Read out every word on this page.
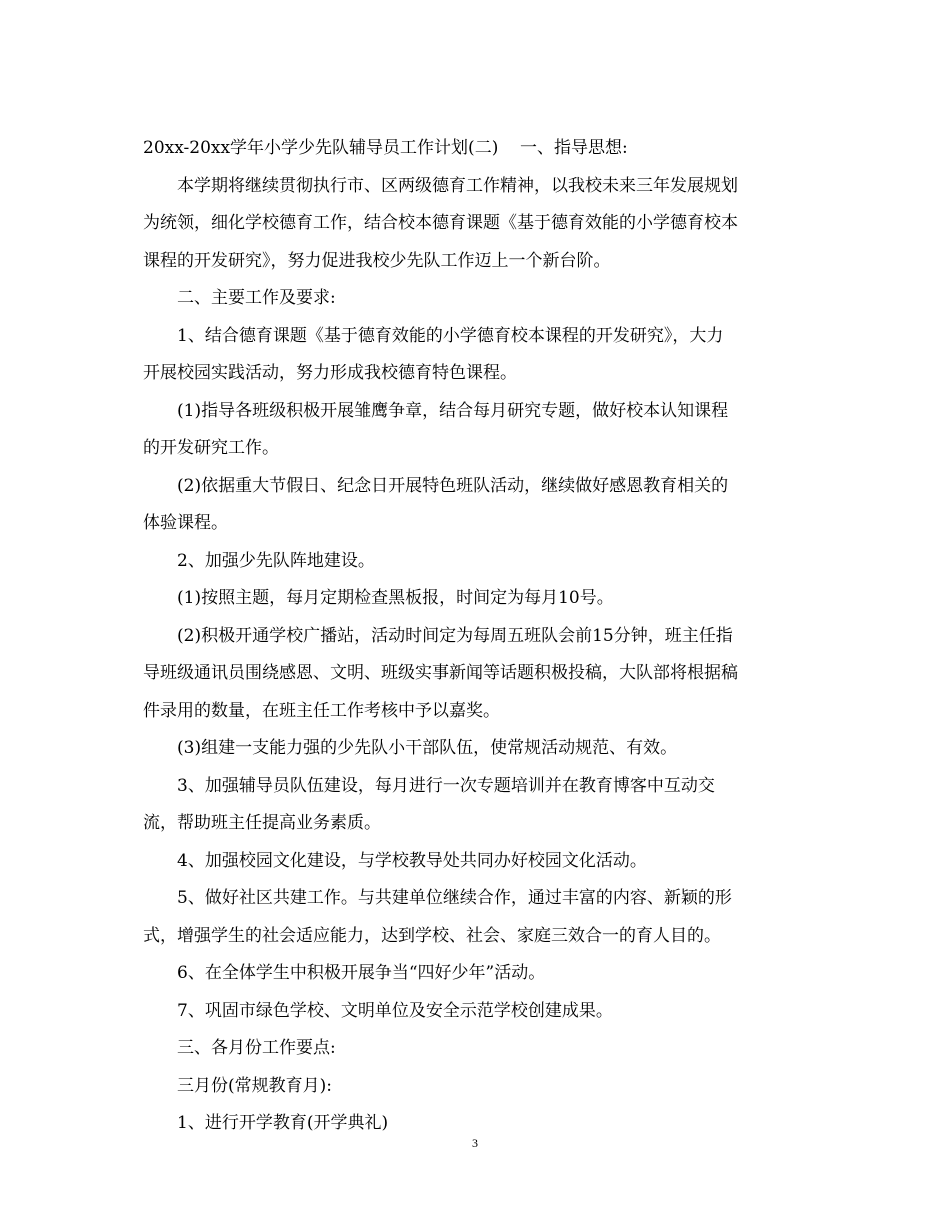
20xx-20xx学年小学少先队辅导员工作计划(二)    一、指导思想:
本学期将继续贯彻执行市、区两级德育工作精神，以我校未来三年发展规划
为统领，细化学校德育工作，结合校本德育课题《基于德育效能的小学德育校本
课程的开发研究》，努力促进我校少先队工作迈上一个新台阶。
二、主要工作及要求:
1、结合德育课题《基于德育效能的小学德育校本课程的开发研究》，大力
开展校园实践活动，努力形成我校德育特色课程。
(1)指导各班级积极开展雏鹰争章，结合每月研究专题，做好校本认知课程
的开发研究工作。
(2)依据重大节假日、纪念日开展特色班队活动，继续做好感恩教育相关的
体验课程。
2、加强少先队阵地建设。
(1)按照主题，每月定期检查黑板报，时间定为每月10号。
(2)积极开通学校广播站，活动时间定为每周五班队会前15分钟，班主任指
导班级通讯员围绕感恩、文明、班级实事新闻等话题积极投稿，大队部将根据稿
件录用的数量，在班主任工作考核中予以嘉奖。
(3)组建一支能力强的少先队小干部队伍，使常规活动规范、有效。
3、加强辅导员队伍建设，每月进行一次专题培训并在教育博客中互动交
流，帮助班主任提高业务素质。
4、加强校园文化建设，与学校教导处共同办好校园文化活动。
5、做好社区共建工作。与共建单位继续合作，通过丰富的内容、新颖的形
式，增强学生的社会适应能力，达到学校、社会、家庭三效合一的育人目的。
6、在全体学生中积极开展争当“四好少年”活动。
7、巩固市绿色学校、文明单位及安全示范学校创建成果。
三、各月份工作要点:
三月份(常规教育月):
1、进行开学教育(开学典礼)
3
